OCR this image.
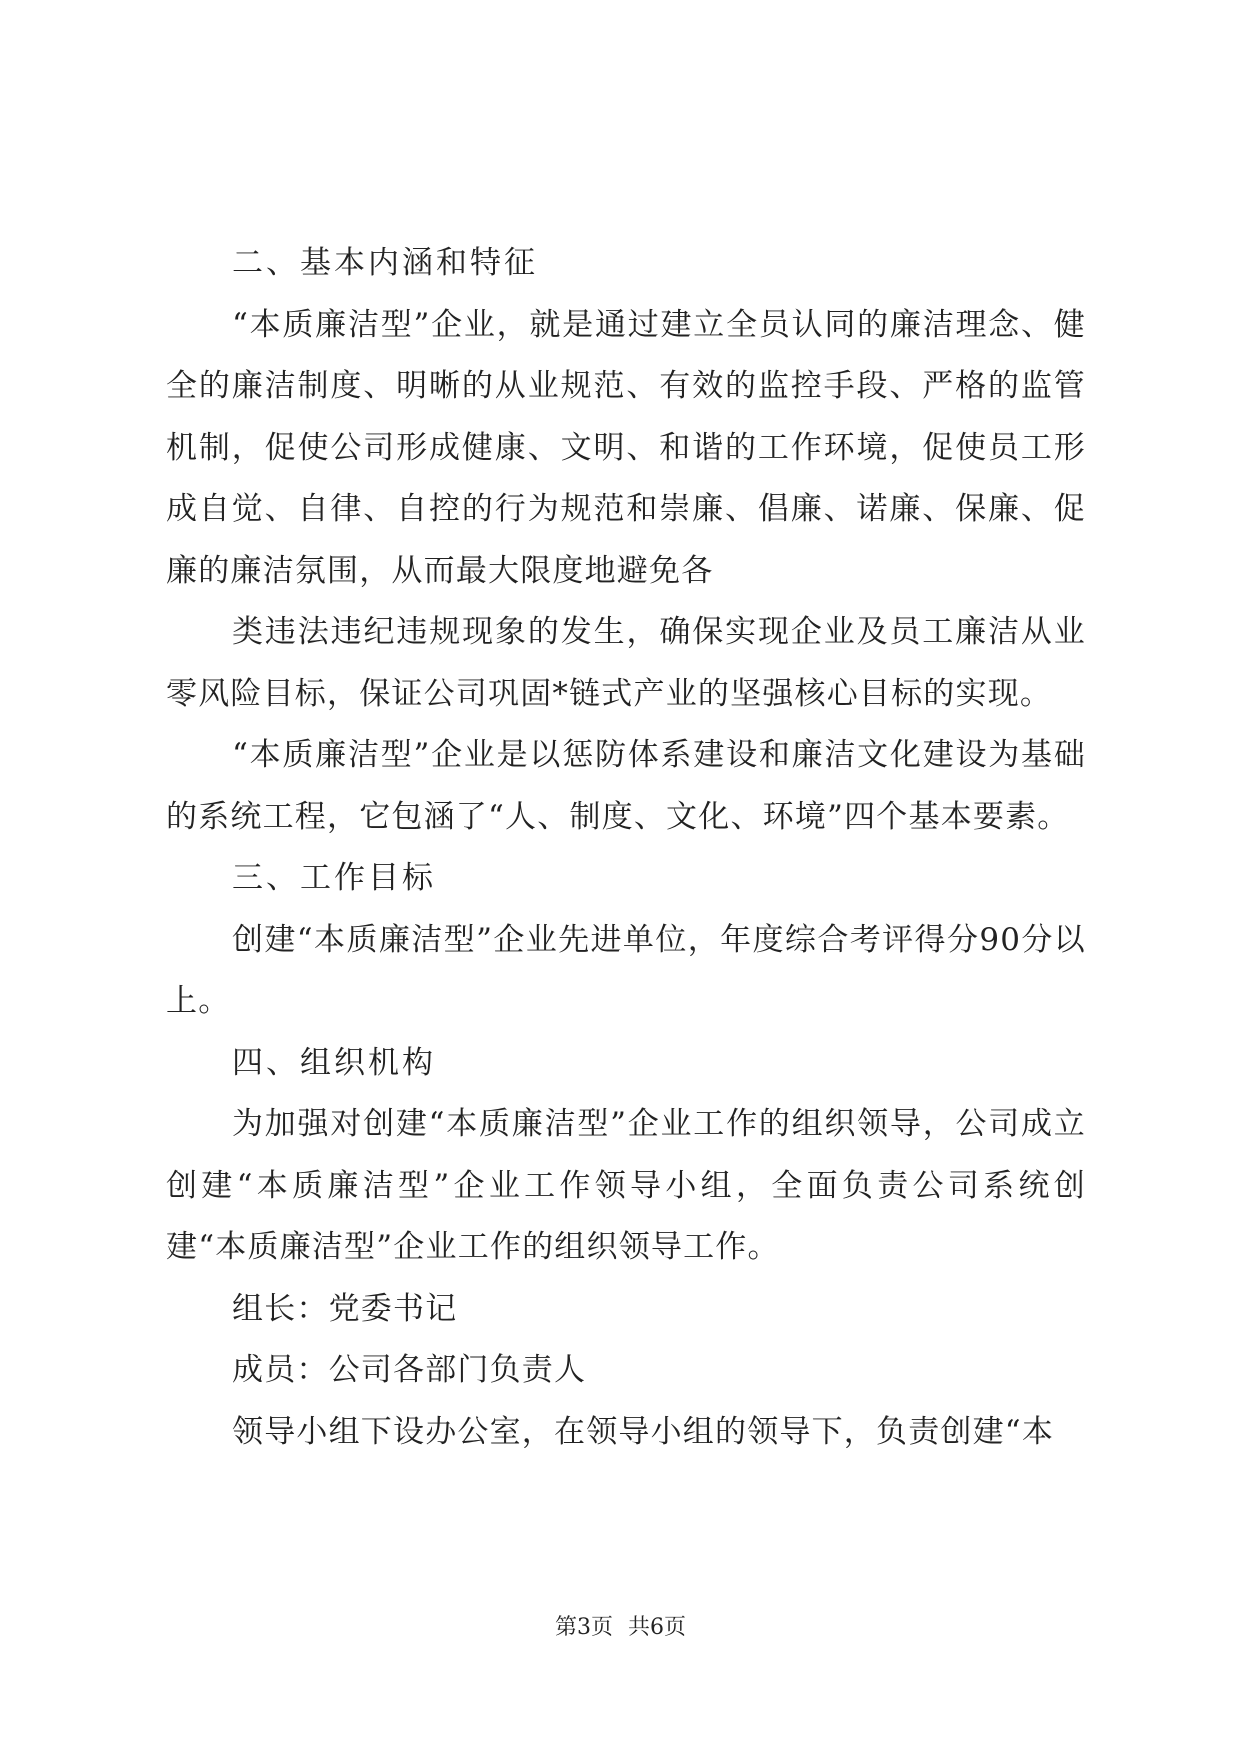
二、基本内涵和特征

“本质廉洁型”企业，就是通过建立全员认同的廉洁理念、健全的廉洁制度、明晰的从业规范、有效的监控手段、严格的监管机制，促使公司形成健康、文明、和谐的工作环境，促使员工形成自觉、自律、自控的行为规范和崇廉、倡廉、诺廉、保廉、促廉的廉洁氛围，从而最大限度地避免各

类违法违纪违规现象的发生，确保实现企业及员工廉洁从业零风险目标，保证公司巩固*链式产业的坚强核心目标的实现。

“本质廉洁型”企业是以惩防体系建设和廉洁文化建设为基础的系统工程，它包涵了“人、制度、文化、环境”四个基本要素。

三、工作目标

创建“本质廉洁型”企业先进单位，年度综合考评得分90分以上。

四、组织机构

为加强对创建“本质廉洁型”企业工作的组织领导，公司成立创建“本质廉洁型”企业工作领导小组，全面负责公司系统创建“本质廉洁型”企业工作的组织领导工作。

组长：党委书记

成员：公司各部门负责人

领导小组下设办公室，在领导小组的领导下，负责创建“本

第3页 共6页
